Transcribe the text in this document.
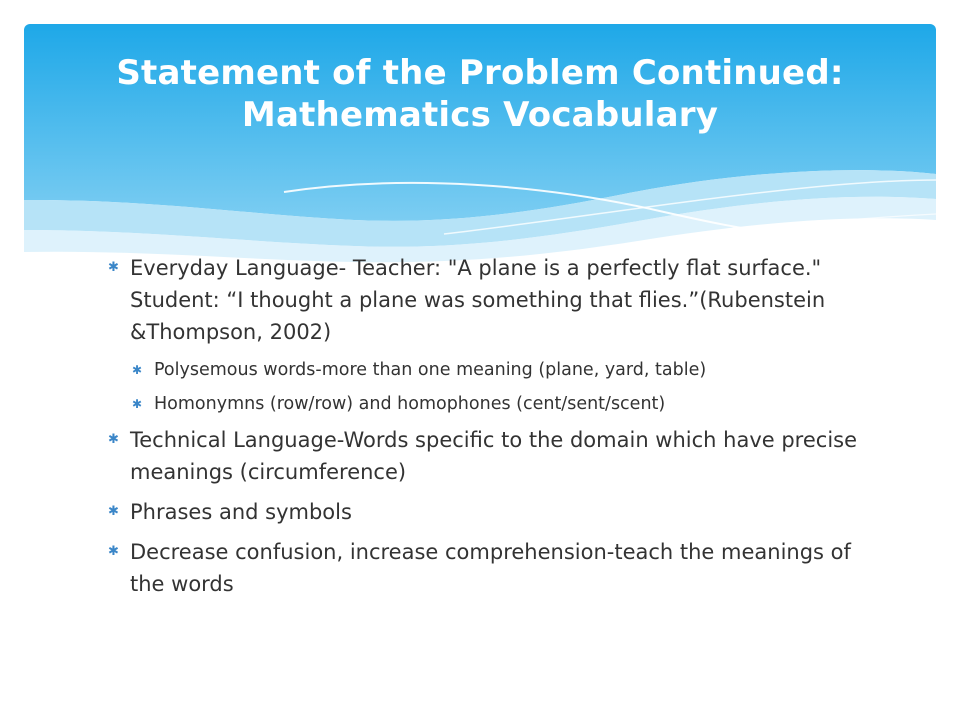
Statement of the Problem Continued:
Mathematics Vocabulary
✱ Everyday Language- Teacher: "A plane is a perfectly flat surface." Student: “I thought a plane was something that flies.”(Rubenstein &Thompson, 2002)
✱ Polysemous words-more than one meaning (plane, yard, table)
✱ Homonymns (row/row) and homophones (cent/sent/scent)
✱ Technical Language-Words specific to the domain which have precise meanings (circumference)
✱ Phrases and symbols
✱ Decrease confusion, increase comprehension-teach the meanings of the words
